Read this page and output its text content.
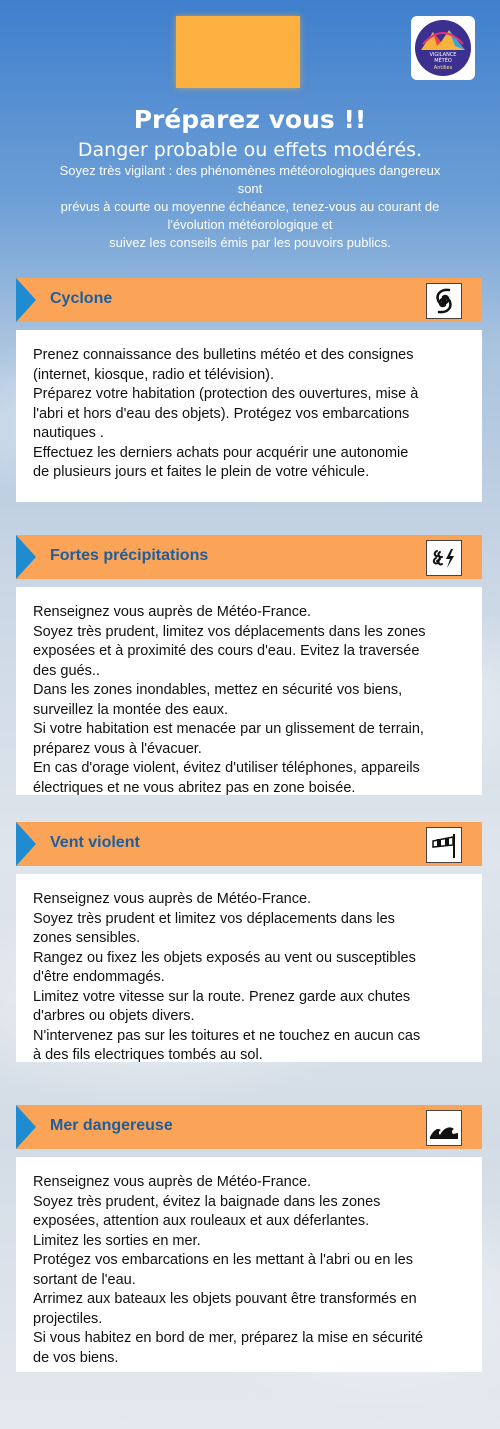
VIGILANCE
MÉTÉO
Antilles
Préparez vous !!
Danger probable ou effets modérés.
Soyez très vigilant : des phénomènes météorologiques dangereux sont
prévus à courte ou moyenne échéance, tenez-vous au courant de
l'évolution météorologique et
suivez les conseils émis par les pouvoirs publics.
Cyclone

Prenez connaissance des bulletins météo et des consignes

(internet, kiosque, radio et télévision).

Préparez votre habitation (protection des ouvertures, mise à

l'abri et hors d'eau des objets). Protégez vos embarcations

nautiques .

Effectuez les derniers achats pour acquérir une autonomie

de plusieurs jours et faites le plein de votre véhicule.

Fortes précipitations

Renseignez vous auprès de Météo-France.

Soyez très prudent, limitez vos déplacements dans les zones

exposées et à proximité des cours d'eau. Evitez la traversée

des gués..

Dans les zones inondables, mettez en sécurité vos biens,

surveillez la montée des eaux.

Si votre habitation est menacée par un glissement de terrain,

préparez vous à l'évacuer.

En cas d'orage violent, évitez d'utiliser téléphones, appareils

électriques et ne vous abritez pas en zone boisée.

Vent violent

Renseignez vous auprès de Météo-France.

Soyez très prudent et limitez vos déplacements dans les

zones sensibles.

Rangez ou fixez les objets exposés au vent ou susceptibles

d'être endommagés.

Limitez votre vitesse sur la route. Prenez garde aux chutes

d'arbres ou objets divers.

N'intervenez pas sur les toitures et ne touchez en aucun cas

à des fils electriques tombés au sol.

Mer dangereuse

Renseignez vous auprès de Météo-France.

Soyez très prudent, évitez la baignade dans les zones

exposées, attention aux rouleaux et aux déferlantes.

Limitez les sorties en mer.

Protégez vos embarcations en les mettant à l'abri ou en les

sortant de l'eau.

Arrimez aux bateaux les objets pouvant être transformés en

projectiles.

Si vous habitez en bord de mer, préparez la mise en sécurité

de vos biens.
